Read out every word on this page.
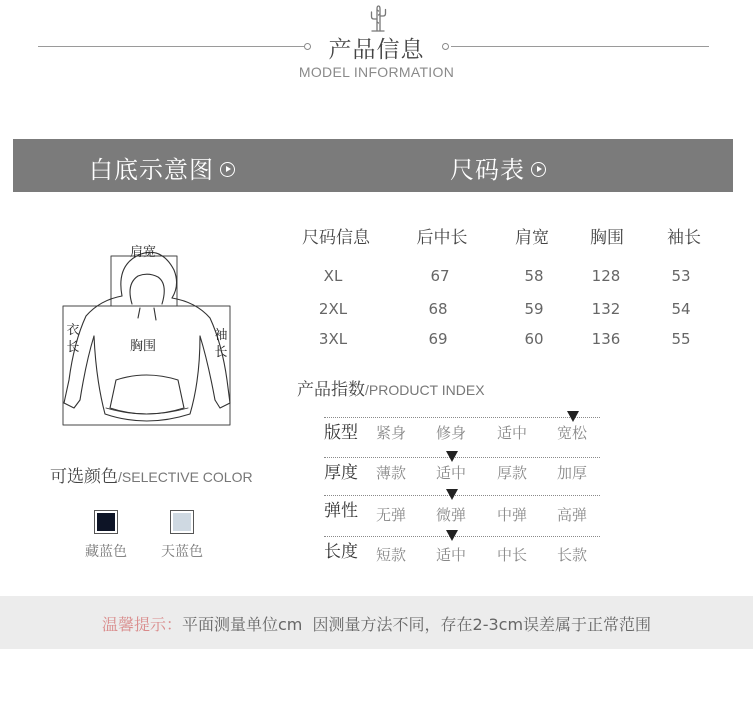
产品信息
MODEL INFORMATION
白底示意图	尺码表
肩宽
胸围
衣长
袖长
尺码信息	后中长	肩宽	胸围	袖长
XL	67	58	128	53
2XL	68	59	132	54
3XL	69	60	136	55
产品指数/PRODUCT INDEX
版型 紧身 修身 适中 宽松
厚度 薄款 适中 厚款 加厚
弹性 无弹 微弹 中弹 高弹
长度 短款 适中 中长 长款
可选颜色/SELECTIVE COLOR
藏蓝色	天蓝色
温馨提示：平面测量单位cm  因测量方法不同，存在2-3cm误差属于正常范围
